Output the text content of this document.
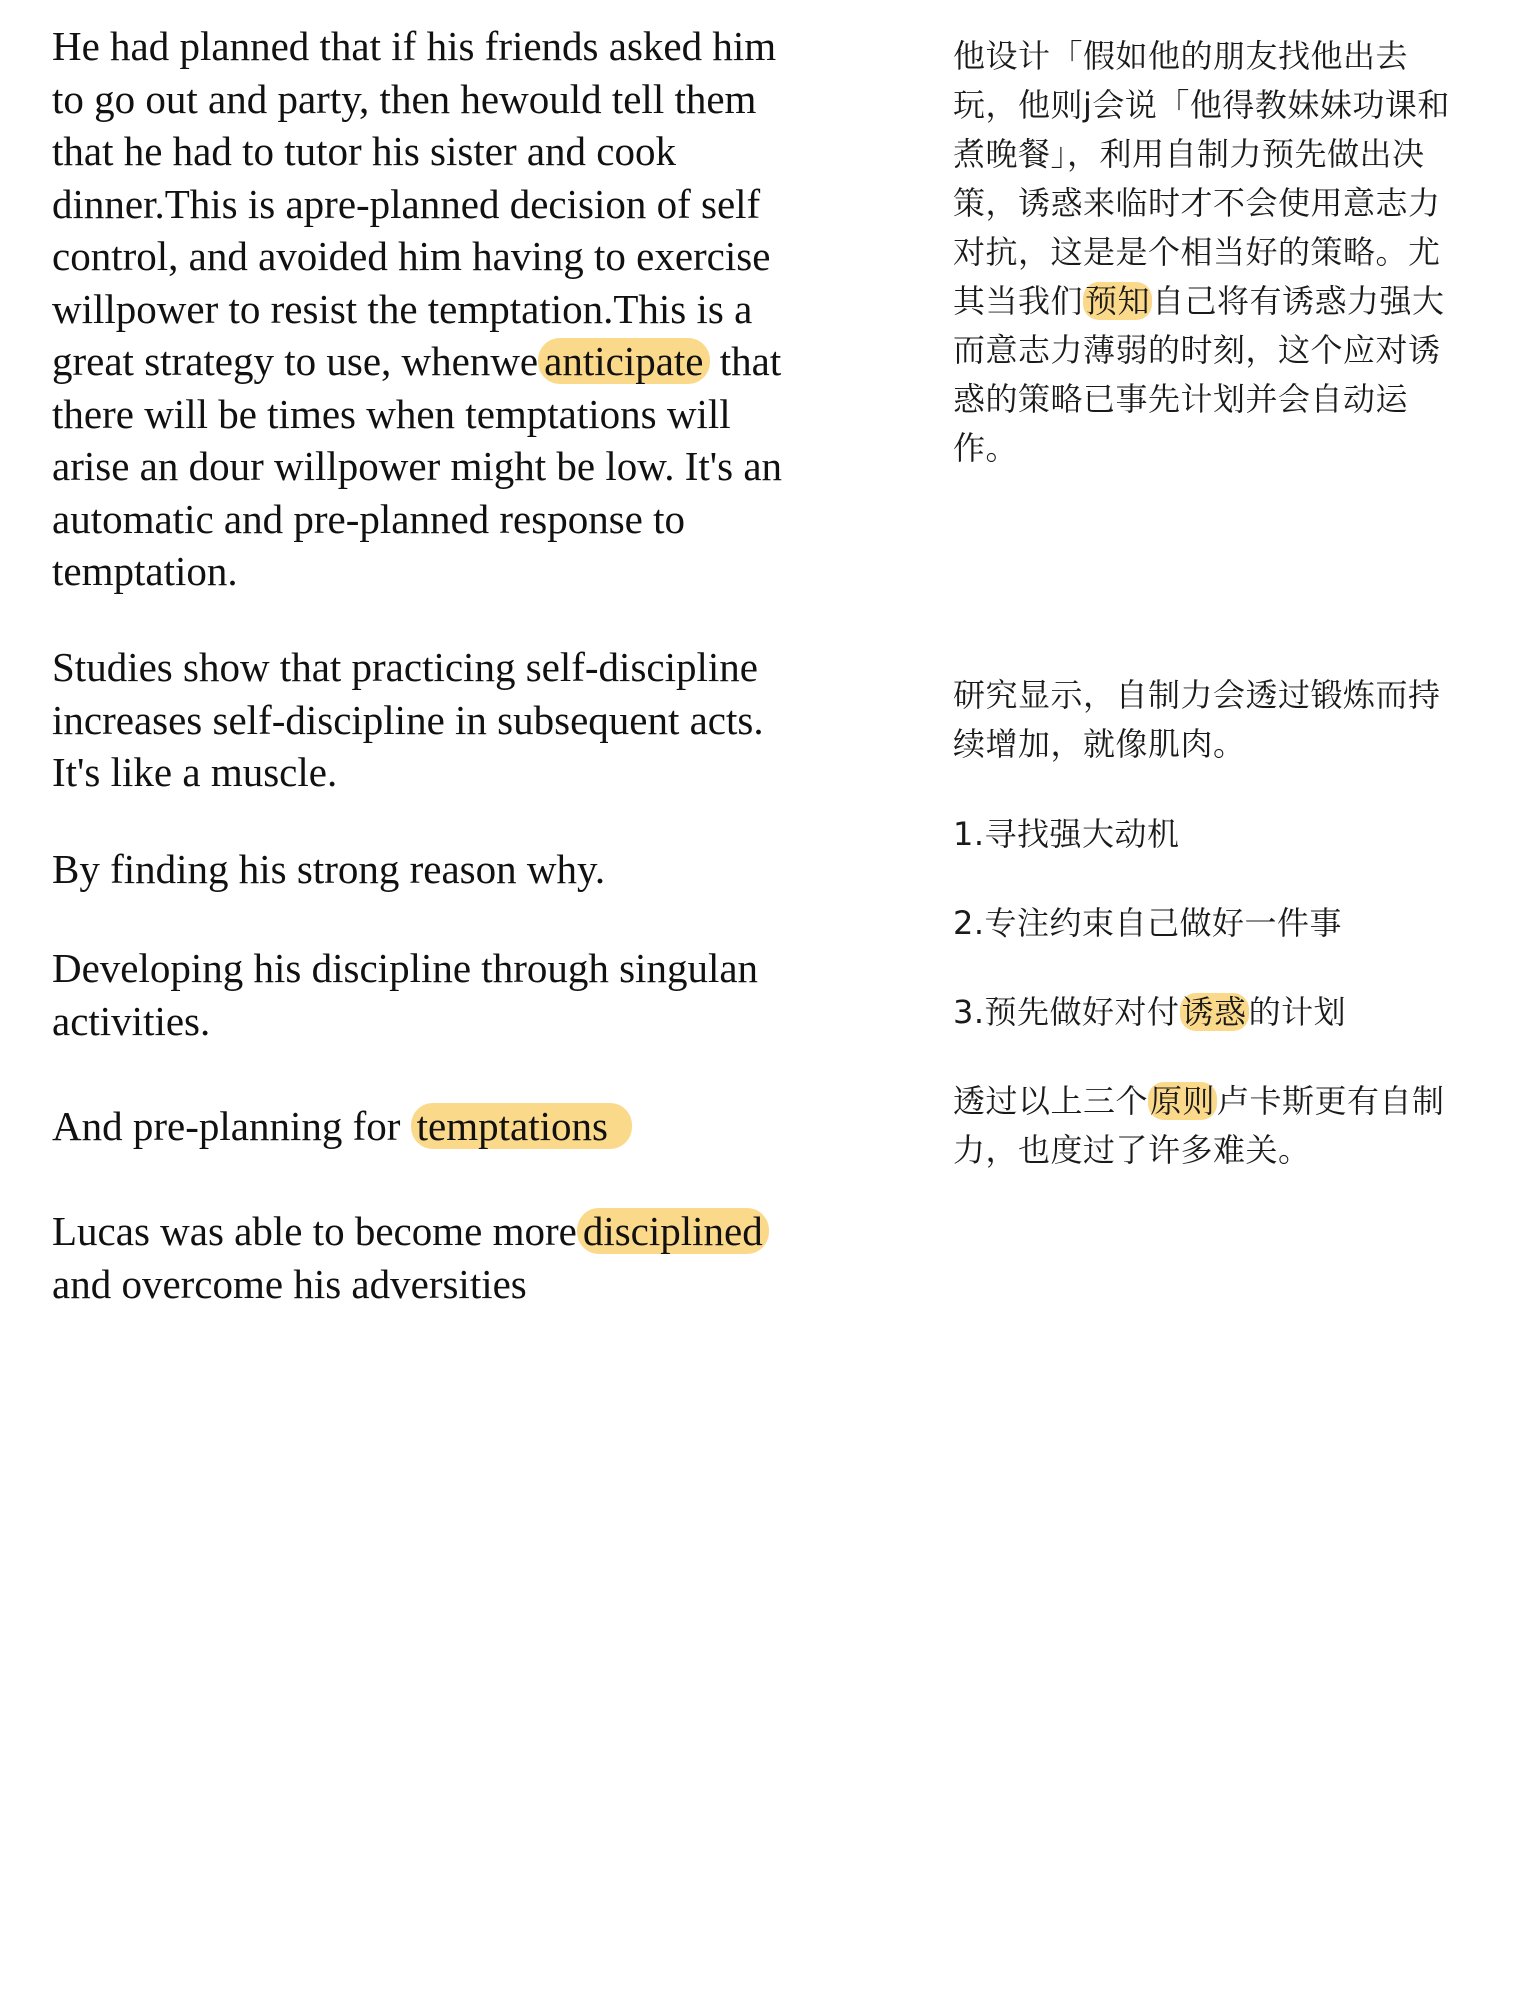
He had planned that if his friends asked him
to go out and party, then hewould tell them
that he had to tutor his sister and cook
dinner.This is apre-planned decision of self
control, and avoided him having to exercise
willpower to resist the temptation.This is a
great strategy to use, whenwe anticipate that
there will be times when temptations will
arise an dour willpower might be low. It's an
automatic and pre-planned response to
temptation.

Studies show that practicing self-discipline
increases self-discipline in subsequent acts.
It's like a muscle.

By finding his strong reason why.

Developing his discipline through singulan
activities.

And pre-planning for temptations

Lucas was able to become more disciplined
and overcome his adversities

他设计「假如他的朋友找他出去
玩，他则j会说「他得教妹妹功课和
煮晚餐」，利用自制力预先做出决
策，诱惑来临时才不会使用意志力
对抗，这是是个相当好的策略。尤
其当我们预知自己将有诱惑力强大
而意志力薄弱的时刻，这个应对诱
惑的策略已事先计划并会自动运
作。

研究显示，自制力会透过锻炼而持
续增加，就像肌肉。

1.寻找强大动机

2.专注约束自己做好一件事

3.预先做好对付诱惑的计划

透过以上三个原则卢卡斯更有自制
力，也度过了许多难关。
